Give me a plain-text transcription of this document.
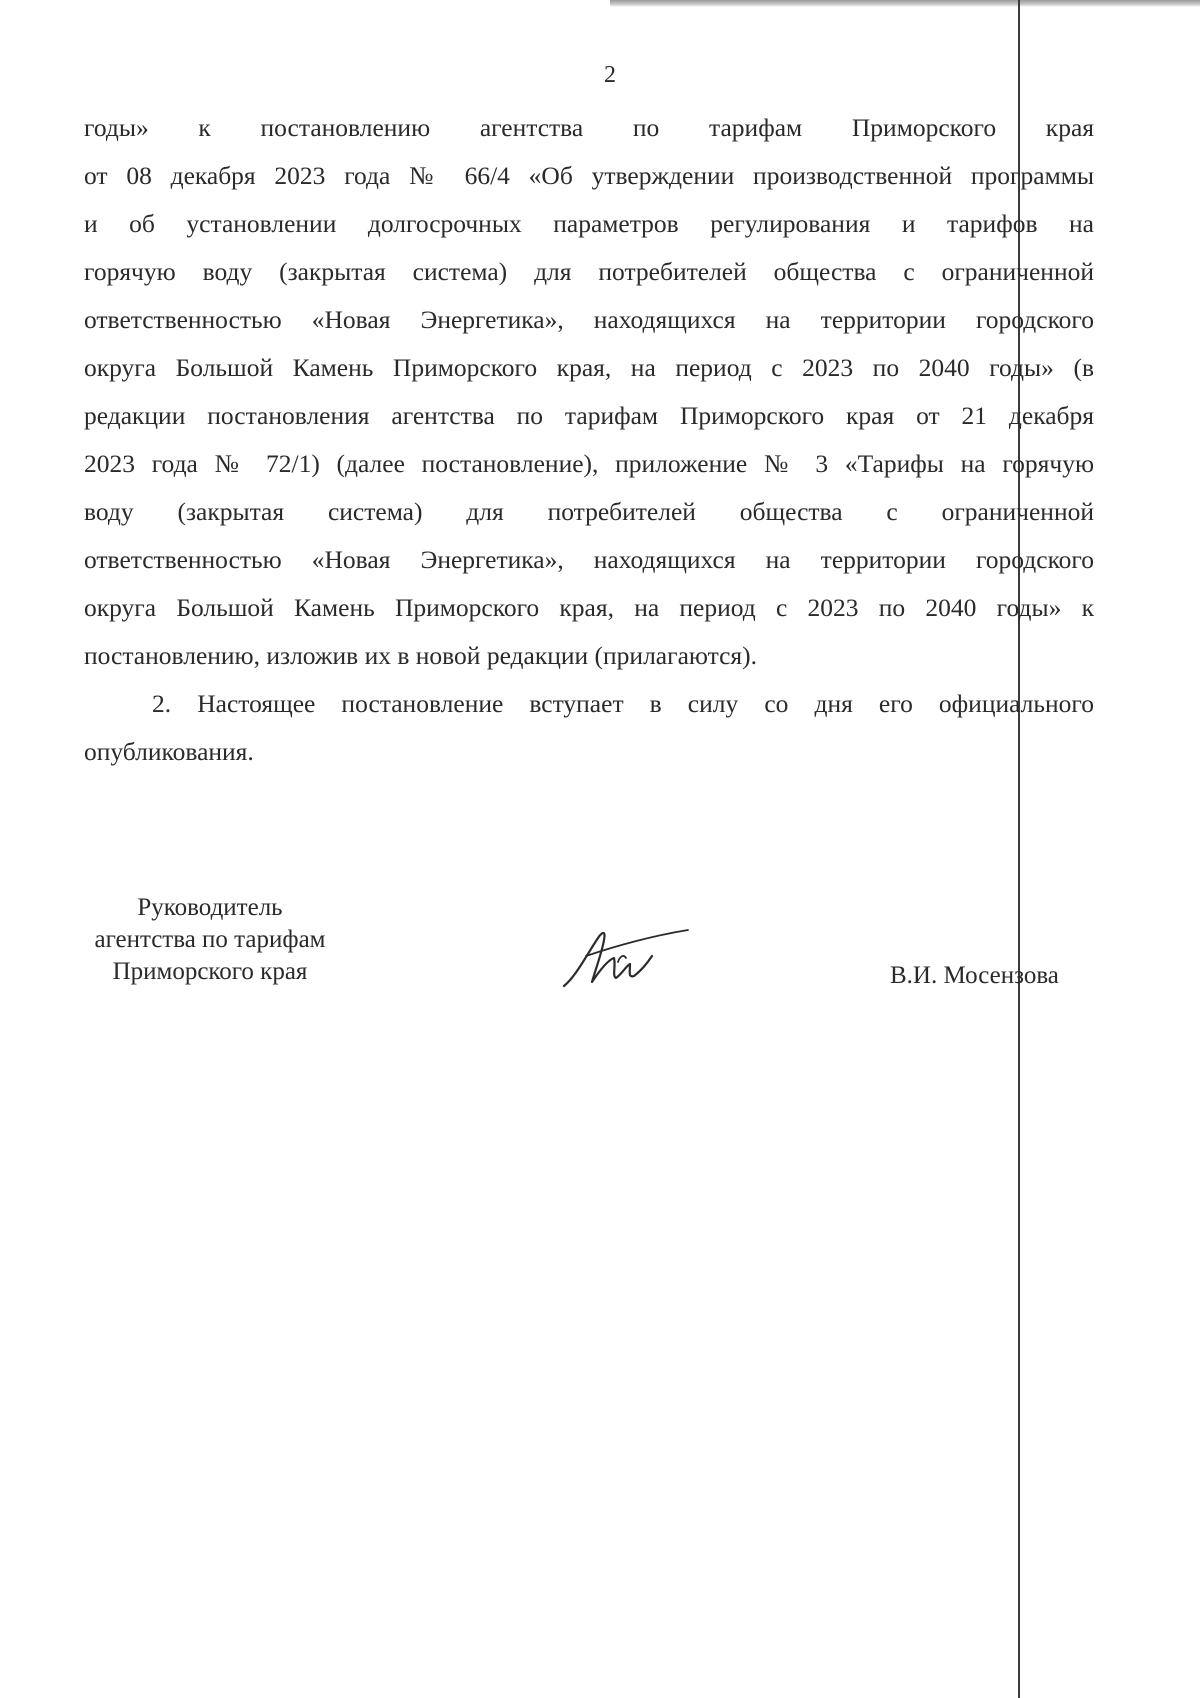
2
годы» к постановлению агентства по тарифам Приморского края
от 08 декабря 2023 года № 66/4 «Об утверждении производственной программы
и об установлении долгосрочных параметров регулирования и тарифов на
горячую воду (закрытая система) для потребителей общества с ограниченной
ответственностью «Новая Энергетика», находящихся на территории городского
округа Большой Камень Приморского края, на период с 2023 по 2040 годы» (в
редакции постановления агентства по тарифам Приморского края от 21 декабря
2023 года № 72/1) (далее постановление), приложение № 3 «Тарифы на горячую
воду (закрытая система) для потребителей общества с ограниченной
ответственностью «Новая Энергетика», находящихся на территории городского
округа Большой Камень Приморского края, на период с 2023 по 2040 годы» к
постановлению, изложив их в новой редакции (прилагаются).
2. Настоящее постановление вступает в силу со дня его официального
опубликования.
Руководитель
агентства по тарифам
Приморского края	В.И. Мосензова
